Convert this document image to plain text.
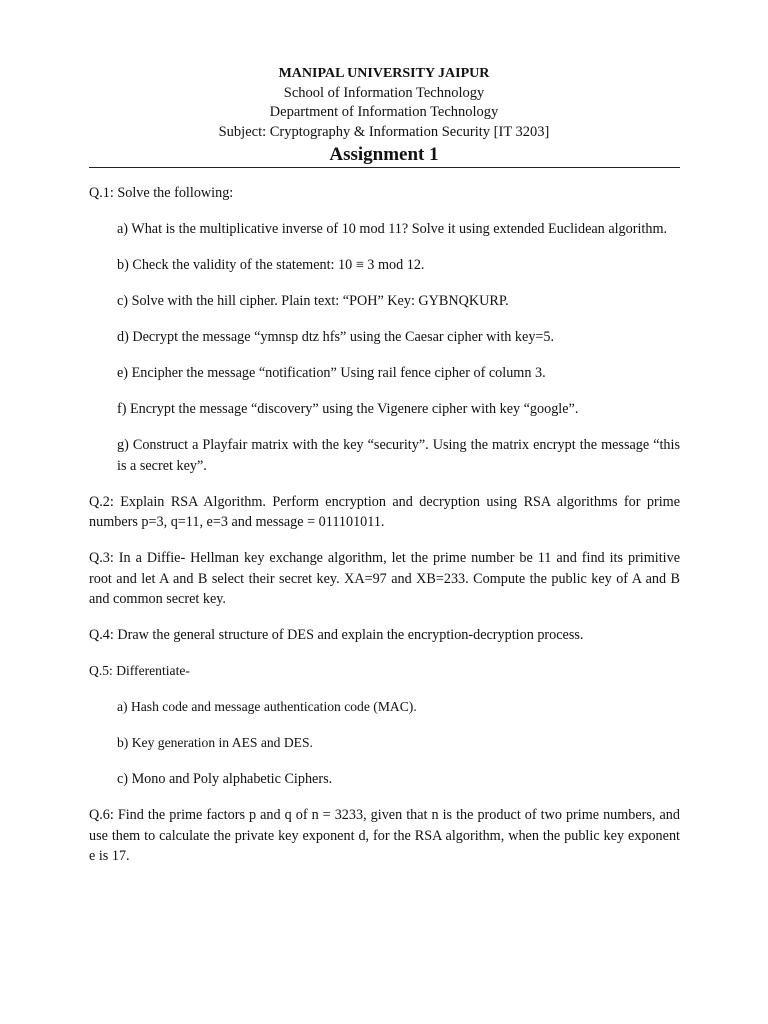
MANIPAL UNIVERSITY JAIPUR
School of Information Technology
Department of Information Technology
Subject: Cryptography & Information Security [IT 3203]
Assignment 1

Q.1: Solve the following:

a) What is the multiplicative inverse of 10 mod 11? Solve it using extended Euclidean algorithm.

b) Check the validity of the statement: 10 ≡ 3 mod 12.

c) Solve with the hill cipher. Plain text: “POH” Key: GYBNQKURP.

d) Decrypt the message “ymnsp dtz hfs” using the Caesar cipher with key=5.

e) Encipher the message “notification” Using rail fence cipher of column 3.

f) Encrypt the message “discovery” using the Vigenere cipher with key “google”.

g) Construct a Playfair matrix with the key “security”. Using the matrix encrypt the message “this is a secret key”.

Q.2: Explain RSA Algorithm. Perform encryption and decryption using RSA algorithms for prime numbers p=3, q=11, e=3 and message = 011101011.

Q.3: In a Diffie- Hellman key exchange algorithm, let the prime number be 11 and find its primitive root and let A and B select their secret key. XA=97 and XB=233. Compute the public key of A and B and common secret key.

Q.4: Draw the general structure of DES and explain the encryption-decryption process.

Q.5: Differentiate-

a) Hash code and message authentication code (MAC).

b) Key generation in AES and DES.

c) Mono and Poly alphabetic Ciphers.

Q.6: Find the prime factors p and q of n = 3233, given that n is the product of two prime numbers, and use them to calculate the private key exponent d, for the RSA algorithm, when the public key exponent e is 17.
